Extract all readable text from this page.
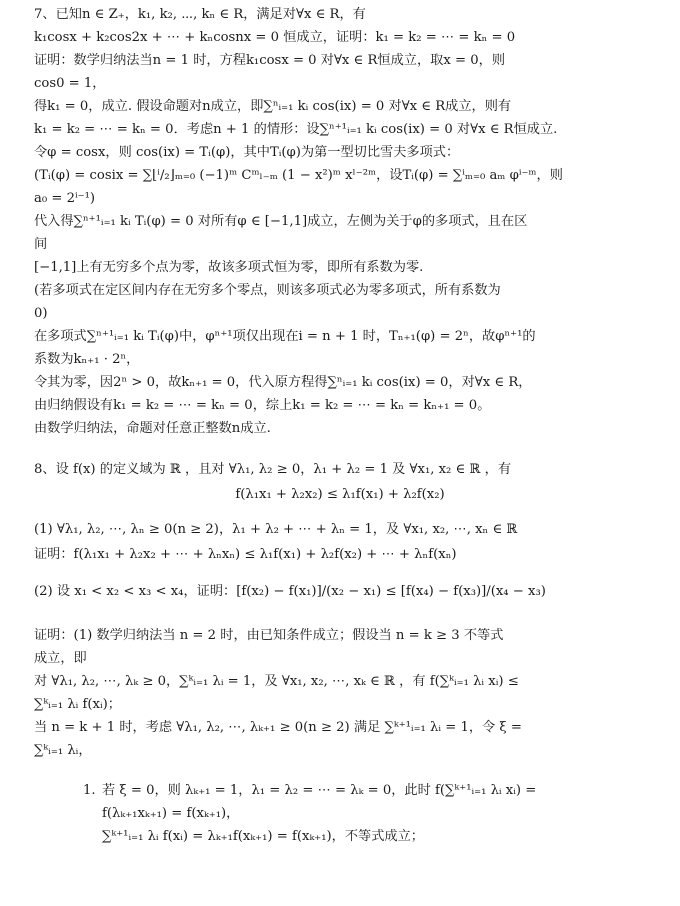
7、已知n ∈ Z₊，k₁, k₂, ⋯, kₙ ∈ R，满足对∀x ∈ R，有
k₁cosx + k₂cos2x + ⋯ + kₙcosnx = 0 恒成立，证明：k₁ = k₂ = ⋯ = kₙ = 0
证明：数学归纳法当n = 1 时，方程k₁cosx = 0 对∀x ∈ R恒成立，取x = 0，则
cos0 = 1，
得k₁ = 0，成立. 假设命题对n成立，即∑ⁿᵢ₌₁ kᵢ cos(ix) = 0 对∀x ∈ R成立，则有
k₁ = k₂ = ⋯ = kₙ = 0．考虑n + 1 的情形：设∑ⁿ⁺¹ᵢ₌₁ kᵢ cos(ix) = 0 对∀x ∈ R恒成立.
令φ = cosx，则 cos(ix) = Tᵢ(φ)，其中Tᵢ(φ)为第一型切比雪夫多项式：
(Tᵢ(φ) = cosix = ∑⌊ⁱ/₂⌋ₘ₌₀ (−1)ᵐ Cᵐₗ₋ₘ (1 − x²)ᵐ xˡ⁻²ᵐ，设Tᵢ(φ) = ∑ⁱₘ₌₀ aₘ φⁱ⁻ᵐ，则
a₀ = 2ⁱ⁻¹)
代入得∑ⁿ⁺¹ᵢ₌₁ kᵢ Tᵢ(φ) = 0 对所有φ ∈ [−1,1]成立，左侧为关于φ的多项式，且在区
间
[−1,1]上有无穷多个点为零，故该多项式恒为零，即所有系数为零.
(若多项式在定区间内存在无穷多个零点，则该多项式必为零多项式，所有系数为
0)
在多项式∑ⁿ⁺¹ᵢ₌₁ kᵢ Tᵢ(φ)中，φⁿ⁺¹项仅出现在i = n + 1 时，Tₙ₊₁(φ) = 2ⁿ，故φⁿ⁺¹的
系数为kₙ₊₁ · 2ⁿ，
令其为零，因2ⁿ > 0，故kₙ₊₁ = 0，代入原方程得∑ⁿᵢ₌₁ kᵢ cos(ix) = 0，对∀x ∈ R，
由归纳假设有k₁ = k₂ = ⋯ = kₙ = 0，综上k₁ = k₂ = ⋯ = kₙ = kₙ₊₁ = 0。
由数学归纳法，命题对任意正整数n成立.
8、设 f(x) 的定义域为 ℝ ，且对 ∀λ₁, λ₂ ≥ 0，λ₁ + λ₂ = 1 及 ∀x₁, x₂ ∈ ℝ ，有
f(λ₁x₁ + λ₂x₂) ≤ λ₁f(x₁) + λ₂f(x₂)
(1) ∀λ₁, λ₂, ⋯, λₙ ≥ 0(n ≥ 2)，λ₁ + λ₂ + ⋯ + λₙ = 1，及 ∀x₁, x₂, ⋯, xₙ ∈ ℝ
证明：f(λ₁x₁ + λ₂x₂ + ⋯ + λₙxₙ) ≤ λ₁f(x₁) + λ₂f(x₂) + ⋯ + λₙf(xₙ)
(2) 设 x₁ < x₂ < x₃ < x₄，证明：[f(x₂) − f(x₁)]/(x₂ − x₁) ≤ [f(x₄) − f(x₃)]/(x₄ − x₃)
证明：(1) 数学归纳法当 n = 2 时，由已知条件成立；假设当 n = k ≥ 3 不等式
成立，即
对 ∀λ₁, λ₂, ⋯, λₖ ≥ 0，∑ᵏᵢ₌₁ λᵢ = 1，及 ∀x₁, x₂, ⋯, xₖ ∈ ℝ ，有 f(∑ᵏᵢ₌₁ λᵢ xᵢ) ≤
∑ᵏᵢ₌₁ λᵢ f(xᵢ)；
当 n = k + 1 时，考虑 ∀λ₁, λ₂, ⋯, λₖ₊₁ ≥ 0(n ≥ 2) 满足 ∑ᵏ⁺¹ᵢ₌₁ λᵢ = 1，令 ξ =
∑ᵏᵢ₌₁ λᵢ，
1. 若 ξ = 0，则 λₖ₊₁ = 1，λ₁ = λ₂ = ⋯ = λₖ = 0，此时 f(∑ᵏ⁺¹ᵢ₌₁ λᵢ xᵢ) =
f(λₖ₊₁xₖ₊₁) = f(xₖ₊₁)，
∑ᵏ⁺¹ᵢ₌₁ λᵢ f(xᵢ) = λₖ₊₁f(xₖ₊₁) = f(xₖ₊₁)，不等式成立；
